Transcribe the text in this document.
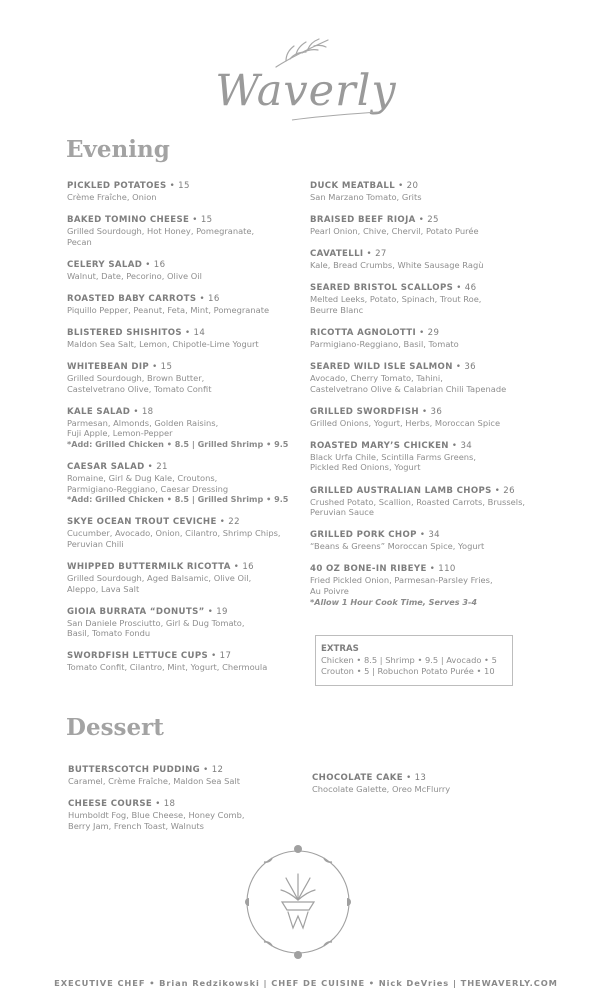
Waverly
Evening
PICKLED POTATOES • 15
Crème Fraîche, Onion
BAKED TOMINO CHEESE • 15
Grilled Sourdough, Hot Honey, Pomegranate,
Pecan
CELERY SALAD • 16
Walnut, Date, Pecorino, Olive Oil
ROASTED BABY CARROTS • 16
Piquillo Pepper, Peanut, Feta, Mint, Pomegranate
BLISTERED SHISHITOS • 14
Maldon Sea Salt, Lemon, Chipotle-Lime Yogurt
WHITEBEAN DIP • 15
Grilled Sourdough, Brown Butter,
Castelvetrano Olive, Tomato Confit
KALE SALAD • 18
Parmesan, Almonds, Golden Raisins,
Fuji Apple, Lemon-Pepper
*Add: Grilled Chicken • 8.5 | Grilled Shrimp • 9.5
CAESAR SALAD • 21
Romaine, Girl & Dug Kale, Croutons,
Parmigiano-Reggiano, Caesar Dressing
*Add: Grilled Chicken • 8.5 | Grilled Shrimp • 9.5
SKYE OCEAN TROUT CEVICHE • 22
Cucumber, Avocado, Onion, Cilantro, Shrimp Chips,
Peruvian Chili
WHIPPED BUTTERMILK RICOTTA • 16
Grilled Sourdough, Aged Balsamic, Olive Oil,
Aleppo, Lava Salt
GIOIA BURRATA “DONUTS” • 19
San Daniele Prosciutto, Girl & Dug Tomato,
Basil, Tomato Fondu
SWORDFISH LETTUCE CUPS • 17
Tomato Confit, Cilantro, Mint, Yogurt, Chermoula
DUCK MEATBALL • 20
San Marzano Tomato, Grits
BRAISED BEEF RIOJA • 25
Pearl Onion, Chive, Chervil, Potato Purée
CAVATELLI • 27
Kale, Bread Crumbs, White Sausage Ragù
SEARED BRISTOL SCALLOPS • 46
Melted Leeks, Potato, Spinach, Trout Roe,
Beurre Blanc
RICOTTA AGNOLOTTI • 29
Parmigiano-Reggiano, Basil, Tomato
SEARED WILD ISLE SALMON • 36
Avocado, Cherry Tomato, Tahini,
Castelvetrano Olive & Calabrian Chili Tapenade
GRILLED SWORDFISH • 36
Grilled Onions, Yogurt, Herbs, Moroccan Spice
ROASTED MARY’S CHICKEN • 34
Black Urfa Chile, Scintilla Farms Greens,
Pickled Red Onions, Yogurt
GRILLED AUSTRALIAN LAMB CHOPS • 26
Crushed Potato, Scallion, Roasted Carrots, Brussels,
Peruvian Sauce
GRILLED PORK CHOP • 34
“Beans & Greens” Moroccan Spice, Yogurt
40 OZ BONE-IN RIBEYE • 110
Fried Pickled Onion, Parmesan-Parsley Fries,
Au Poivre
*Allow 1 Hour Cook Time, Serves 3-4
EXTRAS
Chicken • 8.5 | Shrimp • 9.5 | Avocado • 5
Crouton • 5 | Robuchon Potato Purée • 10
Dessert
BUTTERSCOTCH PUDDING • 12
Caramel, Crème Fraîche, Maldon Sea Salt
CHEESE COURSE • 18
Humboldt Fog, Blue Cheese, Honey Comb,
Berry Jam, French Toast, Walnuts
CHOCOLATE CAKE • 13
Chocolate Galette, Oreo McFlurry
EXECUTIVE CHEF • Brian Redzikowski | CHEF DE CUISINE • Nick DeVries | THEWAVERLY.COM
